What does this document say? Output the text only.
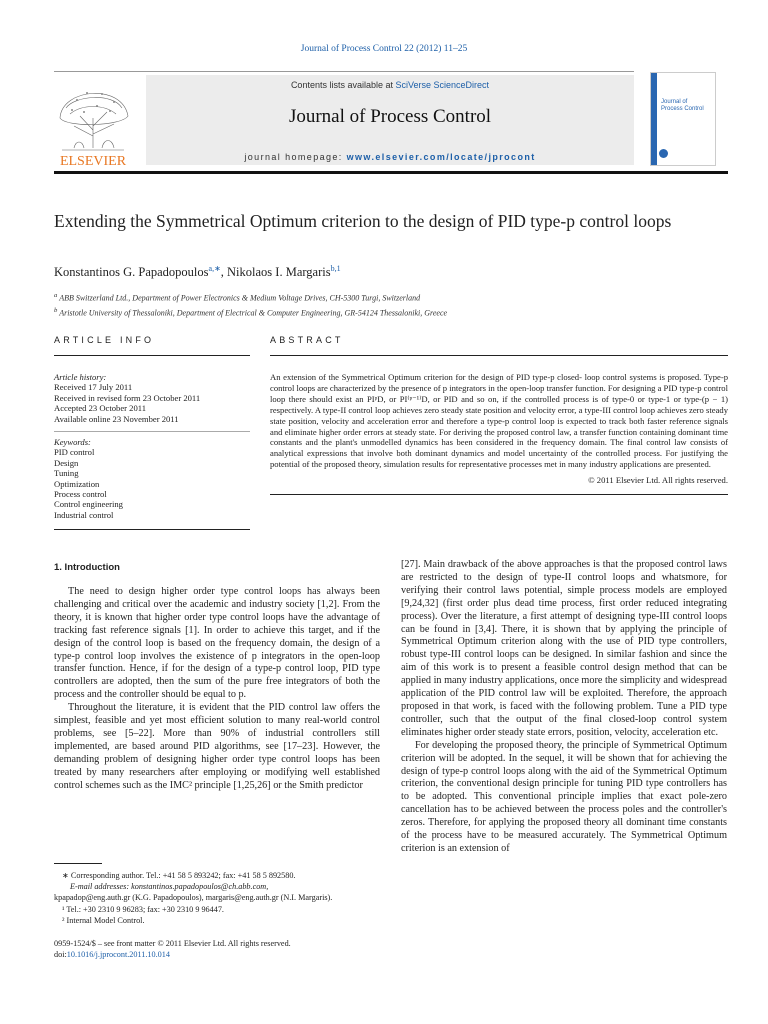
Journal of Process Control 22 (2012) 11–25
ELSEVIER
Contents lists available at SciVerse ScienceDirect
Journal of Process Control
journal homepage: www.elsevier.com/locate/jprocont
Journal of Process Control
Extending the Symmetrical Optimum criterion to the design of PID type-p control loops
Konstantinos G. Papadopoulos$^{a,∗}$, Nikolaos I. Margaris$^{b,1}$
$^a$ ABB Switzerland Ltd., Department of Power Electronics & Medium Voltage Drives, CH-5300 Turgi, Switzerland
$^b$ Aristotle University of Thessaloniki, Department of Electrical & Computer Engineering, GR-54124 Thessaloniki, Greece
ARTICLE INFO
Article history:
Received 17 July 2011
Received in revised form 23 October 2011
Accepted 23 October 2011
Available online 23 November 2011
Keywords:
PID control
Design
Tuning
Optimization
Process control
Control engineering
Industrial control
ABSTRACT
An extension of the Symmetrical Optimum criterion for the design of PID type-p closed- loop control systems is proposed. Type-p control loops are characterized by the presence of p integrators in the open-loop transfer function. For designing a PID type-p control loop there should exist an PIᵖD, or PI⁽ᵖ⁻¹⁾D, or PID and so on, if the controlled process is of type-0 or type-1 or type-(p − 1) respectively. A type-II control loop achieves zero steady state position and velocity error, a type-III control loop achieves zero steady state position, velocity and acceleration error and therefore a type-p control loop is expected to track both faster reference signals and eliminate higher order errors at steady state. For deriving the proposed control law, a transfer function containing dominant time constants and the plant's unmodelled dynamics has been considered in the frequency domain. The final control law consists of analytical expressions that involve both dominant dynamics and model uncertainty of the controlled process. For justifying the potential of the proposed theory, simulation results for representative processes met in many industry applications are presented.
© 2011 Elsevier Ltd. All rights reserved.
1. Introduction

The need to design higher order type control loops has always been challenging and critical over the academic and industry society [1,2]. From the theory, it is known that higher order type control loops have the advantage of tracking fast reference signals [1]. In order to achieve this target, and if the design of the control loop is based on the frequency domain, the design of a type-p control loop involves the existence of p integrators in the open-loop transfer function. Hence, if for the design of a type-p control loop, PID type controllers are adopted, then the sum of the pure free integrators of both the process and the controller should be equal to p.

Throughout the literature, it is evident that the PID control law offers the simplest, feasible and yet most efficient solution to many real-world control problems, see [5–22]. More than 90% of industrial controllers still implemented, are based around PID algorithms, see [17–23]. However, the demanding problem of designing higher order type control loops has been treated by many researchers after employing or modifying well established control schemes such as the IMC² principle [1,25,26] or the Smith predictor

[27]. Main drawback of the above approaches is that the proposed control laws are restricted to the design of type-II control loops and whatsmore, for verifying their control laws potential, simple process models are employed [9,24,32] (first order plus dead time process, first order reduced integrating process). Over the literature, a first attempt of designing type-III control loops can be found in [3,4]. There, it is shown that by applying the principle of Symmetrical Optimum criterion along with the use of PID type controllers, robust type-III control loops can be designed. In similar fashion and since the aim of this work is to present a feasible control design method that can be applied in many industry applications, once more the simplicity and widespread application of the PID control law will be exploited. Therefore, the approach proposed in that work, is faced with the following problem. Tune a PID type controller, such that the output of the final closed-loop control system eliminates higher order steady state errors, position, velocity, acceleration etc.

For developing the proposed theory, the principle of Symmetrical Optimum criterion will be adopted. In the sequel, it will be shown that for achieving the design of type-p control loops along with the aid of the Symmetrical Optimum criterion, the conventional design principle for tuning PID type controllers has to be adopted. This conventional principle implies that exact pole-zero cancellation has to be achieved between the process poles and the controller's zeros. Therefore, for applying the proposed theory all dominant time constants of the process have to be measured accurately. The Symmetrical Optimum criterion is an extension of

∗ Corresponding author. Tel.: +41 58 5 893242; fax: +41 58 5 892580.
E-mail addresses: konstantinos.papadopoulos@ch.abb.com,
kpapadop@eng.auth.gr (K.G. Papadopoulos), margaris@eng.auth.gr (N.I. Margaris).
¹ Tel.: +30 2310 9 96283; fax: +30 2310 9 96447.
² Internal Model Control.
0959-1524/$ – see front matter © 2011 Elsevier Ltd. All rights reserved.
doi:10.1016/j.jprocont.2011.10.014
